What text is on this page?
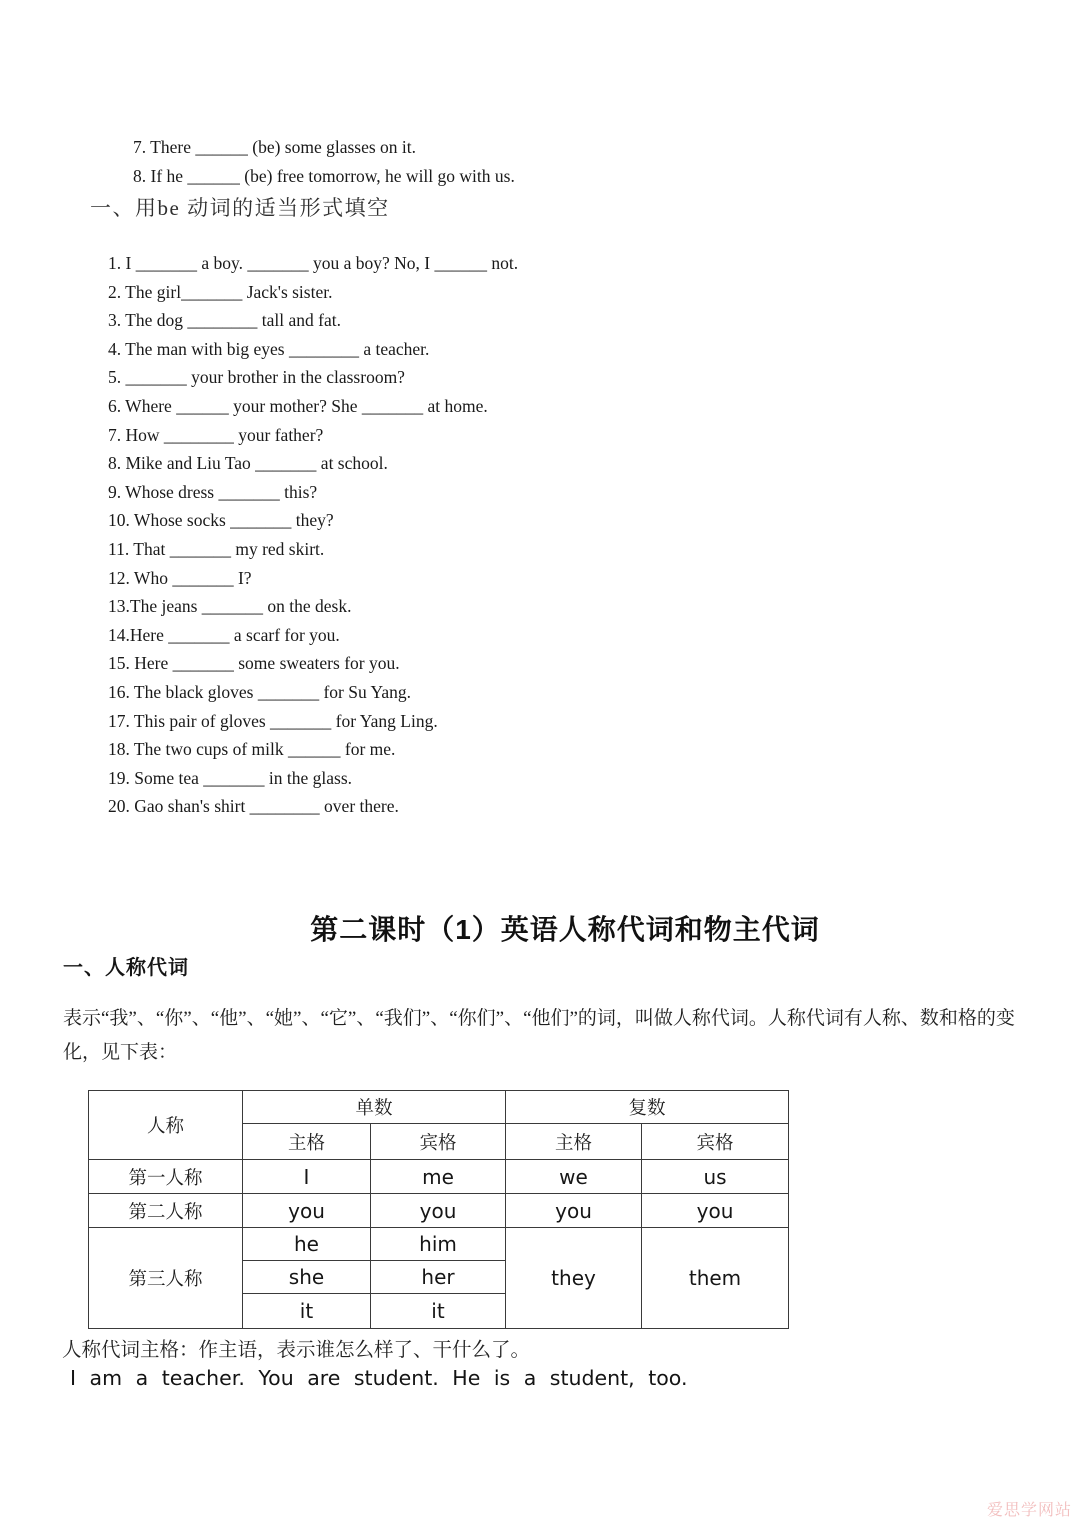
7. There ______ (be) some glasses on it.
8. If he ______ (be) free tomorrow, he will go with us.
一、用be 动词的适当形式填空
1. I _______ a boy. _______ you a boy? No, I ______ not.
2. The girl_______ Jack's sister.
3. The dog ________ tall and fat.
4. The man with big eyes ________ a teacher.
5. _______ your brother in the classroom?
6. Where ______ your mother? She _______ at home.
7. How ________ your father?
8. Mike and Liu Tao _______ at school.
9. Whose dress _______ this?
10. Whose socks _______ they?
11. That _______ my red skirt.
12. Who _______ I?
13.The jeans _______ on the desk.
14.Here _______ a scarf for you.
15. Here _______ some sweaters for you.
16. The black gloves _______ for Su Yang.
17. This pair of gloves _______ for Yang Ling.
18. The two cups of milk ______ for me.
19. Some tea _______ in the glass.
20. Gao shan's shirt ________ over there.
第二课时（1）英语人称代词和物主代词
一、人称代词
表示“我”、“你”、“他”、“她”、“它”、“我们”、“你们”、“他们”的词，叫做人称代词。人称代词有人称、数和格的变化，见下表：
人称	单数		复数	
	主格	宾格	主格	宾格
第一人称	I	me	we	us
第二人称	you	you	you	you
第三人称	he	him	they	them
	she	her		
	it	it		
人称代词主格：作主语，表示谁怎么样了、干什么了。
I am a teacher. You are student. He is a student, too.
爱思学网站
